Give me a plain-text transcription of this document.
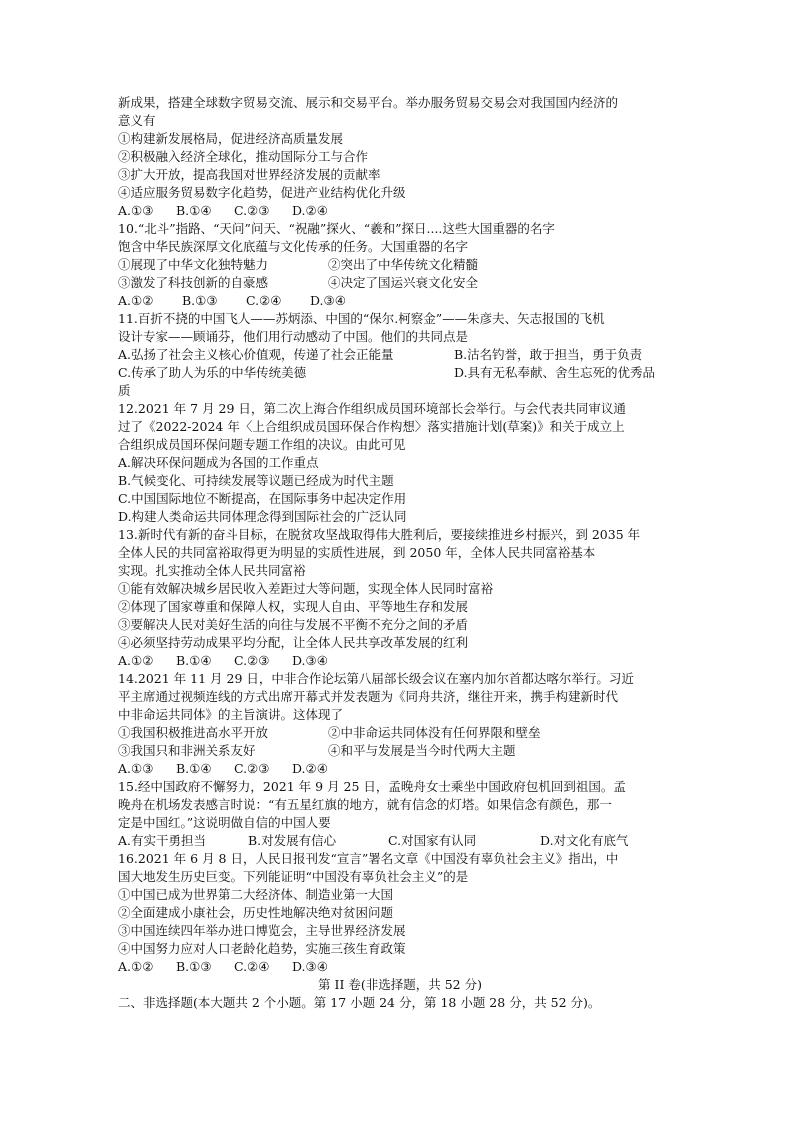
新成果，搭建全球数字贸易交流、展示和交易平台。举办服务贸易交易会对我国国内经济的
意义有
①构建新发展格局，促进经济高质量发展
②积极融入经济全球化，推动国际分工与合作
③扩大开放，提高我国对世界经济发展的贡献率
④适应服务贸易数字化趋势，促进产业结构优化升级
A.①③ B.①④ C.②③ D.②④
10.“北斗”指路、“天问”问天、“祝融”探火、“羲和”探日....这些大国重器的名字
饱含中华民族深厚文化底蕴与文化传承的任务。大国重器的名字
①展现了中华文化独特魅力	②突出了中华传统文化精髓
③激发了科技创新的自豪感	④决定了国运兴衰文化安全
A.①② B.①③ C.②④ D.③④
11.百折不挠的中国飞人——苏炳添、中国的“保尔.柯察金”——朱彦夫、矢志报国的飞机
设计专家——顾诵芬，他们用行动感动了中国。他们的共同点是
A.弘扬了社会主义核心价值观，传递了社会正能量	B.沽名钓誉，敢于担当，勇于负责
C.传承了助人为乐的中华传统美德	D.具有无私奉献、舍生忘死的优秀品
质
12.2021 年 7 月 29 日，第二次上海合作组织成员国环境部长会举行。与会代表共同审议通
过了《2022-2024 年〈上合组织成员国环保合作构想〉落实措施计划(草案)》和关于成立上
合组织成员国环保问题专题工作组的决议。由此可见
A.解决环保问题成为各国的工作重点
B.气候变化、可持续发展等议题已经成为时代主题
C.中国国际地位不断提高，在国际事务中起决定作用
D.构建人类命运共同体理念得到国际社会的广泛认同
13.新时代有新的奋斗目标，在脱贫攻坚战取得伟大胜利后，要接续推进乡村振兴，到 2035 年
全体人民的共同富裕取得更为明显的实质性进展，到 2050 年，全体人民共同富裕基本
实现。扎实推动全体人民共同富裕
①能有效解决城乡居民收入差距过大等问题，实现全体人民同时富裕
②体现了国家尊重和保障人权，实现人自由、平等地生存和发展
③要解决人民对美好生活的向往与发展不平衡不充分之间的矛盾
④必须坚持劳动成果平均分配，让全体人民共享改革发展的红利
A.①② B.①④ C.②③ D.③④
14.2021 年 11 月 29 日，中非合作论坛第八届部长级会议在塞内加尔首都达喀尔举行。习近
平主席通过视频连线的方式出席开幕式并发表题为《同舟共济，继往开来，携手构建新时代
中非命运共同体》的主旨演讲。这体现了
①我国积极推进高水平开放	②中非命运共同体没有任何界限和壁垒
③我国只和非洲关系友好	④和平与发展是当今时代两大主题
A.①③ B.①④ C.②③ D.②④
15.经中国政府不懈努力，2021 年 9 月 25 日，孟晚舟女士乘坐中国政府包机回到祖国。孟
晚舟在机场发表感言时说：“有五星红旗的地方，就有信念的灯塔。如果信念有颜色，那一
定是中国红。”这说明做自信的中国人要
A.有实干勇担当	B.对发展有信心	C.对国家有认同	D.对文化有底气
16.2021 年 6 月 8 日，人民日报刊发“宣言”署名文章《中国没有辜负社会主义》指出，中
国大地发生历史巨变。下列能证明“中国没有辜负社会主义”的是
①中国已成为世界第二大经济体、制造业第一大国
②全面建成小康社会，历史性地解决绝对贫困问题
③中国连续四年举办进口博览会，主导世界经济发展
④中国努力应对人口老龄化趋势，实施三孩生育政策
A.①② B.①③ C.②④ D.③④
第 II 卷(非选择题，共 52 分)
二、非选择题(本大题共 2 个小题。第 17 小题 24 分，第 18 小题 28 分，共 52 分)。
